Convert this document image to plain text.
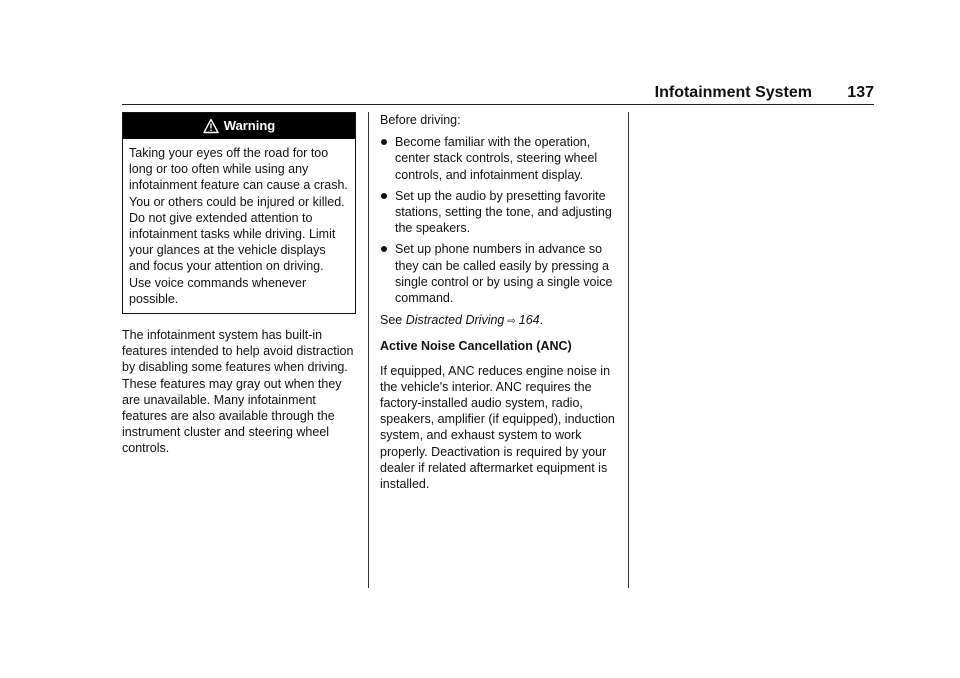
Infotainment System 137
Warning
Taking your eyes off the road for too long or too often while using any infotainment feature can cause a crash. You or others could be injured or killed. Do not give extended attention to infotainment tasks while driving. Limit your glances at the vehicle displays and focus your attention on driving. Use voice commands whenever possible.

The infotainment system has built-in features intended to help avoid distraction by disabling some features when driving. These features may gray out when they are unavailable. Many infotainment features are also available through the instrument cluster and steering wheel controls.

Before driving:

Become familiar with the operation, center stack controls, steering wheel controls, and infotainment display.
Set up the audio by presetting favorite stations, setting the tone, and adjusting the speakers.
Set up phone numbers in advance so they can be called easily by pressing a single control or by using a single voice command.

See Distracted Driving ⇨ 164.

Active Noise Cancellation (ANC)

If equipped, ANC reduces engine noise in the vehicle's interior. ANC requires the factory-installed audio system, radio, speakers, amplifier (if equipped), induction system, and exhaust system to work properly. Deactivation is required by your dealer if related aftermarket equipment is installed.
